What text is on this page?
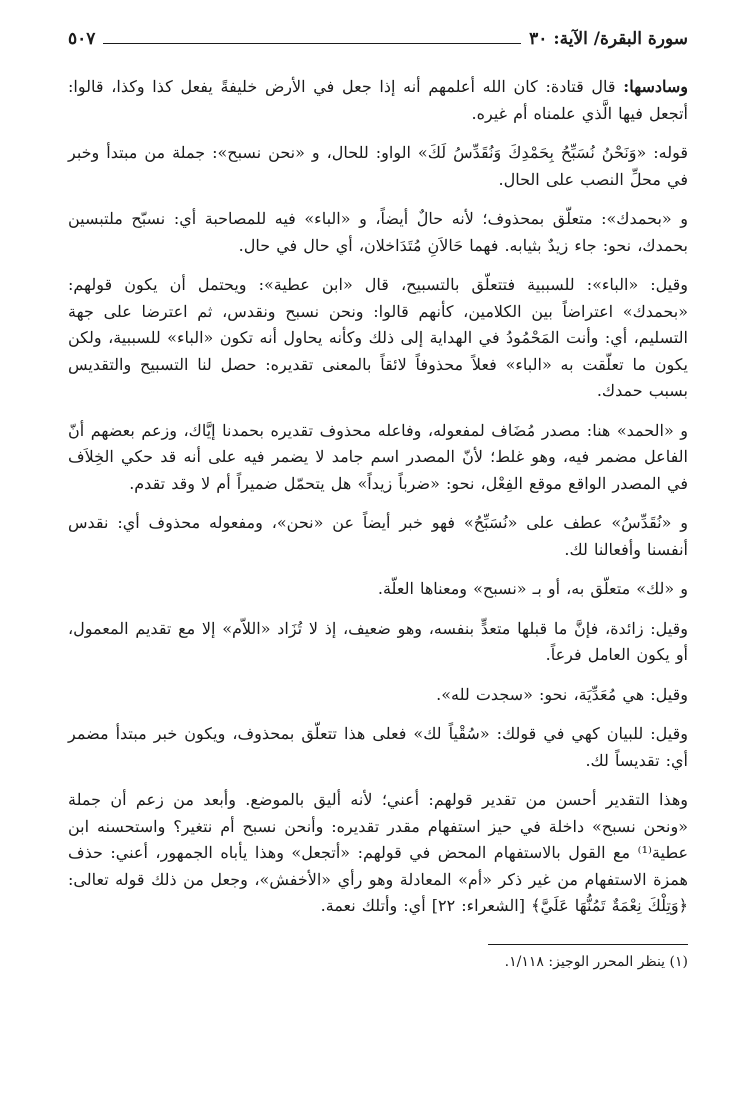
سورة البقرة/ الآية: ٣٠
٥٠٧

وسادسها: قال قتادة: كان الله أعلمهم أنه إذا جعل في الأرض خليفةً يفعل كذا وكذا، قالوا: أتجعل فيها الَّذي علمناه أم غيره.

قوله: «وَنَحْنُ نُسَبِّحُ بِحَمْدِكَ وَنُقَدِّسُ لَكَ» الواو: للحال، و «نحن نسبح»: جملة من مبتدأ وخبر في محلِّ النصب على الحال.

و «بحمدك»: متعلّق بمحذوف؛ لأنه حالٌ أيضاً، و «الباء» فيه للمصاحبة أي: نسبّح ملتبسين بحمدك، نحو: جاء زيدٌ بثيابه. فهما حَالاَنِ مُتَدَاخلان، أي حال في حال.

وقيل: «الباء»: للسببية فتتعلّق بالتسبيح، قال «ابن عطية»: ويحتمل أن يكون قولهم: «بحمدك» اعتراضاً بين الكلامين، كأنهم قالوا: ونحن نسبح ونقدس، ثم اعترضا على جهة التسليم، أي: وأنت المَحْمُودُ في الهداية إلى ذلك وكأنه يحاول أنه تكون «الباء» للسببية، ولكن يكون ما تعلّقت به «الباء» فعلاً محذوفاً لائقاً بالمعنى تقديره: حصل لنا التسبيح والتقديس بسبب حمدك.

و «الحمد» هنا: مصدر مُضَاف لمفعوله، وفاعله محذوف تقديره بحمدنا إيَّاك، وزعم بعضهم أنّ الفاعل مضمر فيه، وهو غلط؛ لأنّ المصدر اسم جامد لا يضمر فيه على أنه قد حكي الخِلاَف في المصدر الواقع موقع الفِعْل، نحو: «ضرباً زيداً» هل يتحمّل ضميراً أم لا وقد تقدم.

و «نُقَدِّسُ» عطف على «نُسَبِّحُ» فهو خبر أيضاً عن «نحن»، ومفعوله محذوف أي: نقدس أنفسنا وأفعالنا لك.

و «لك» متعلّق به، أو بـ «نسبح» ومعناها العلّة.

وقيل: زائدة، فإنَّ ما قبلها متعدٍّ بنفسه، وهو ضعيف، إذ لا تُزَاد «اللاّم» إلا مع تقديم المعمول، أو يكون العامل فرعاً.

وقيل: هي مُعَدِّيَة، نحو: «سجدت لله».

وقيل: للبيان كهي في قولك: «سُقْياً لك» فعلى هذا تتعلّق بمحذوف، ويكون خبر مبتدأ مضمر أي: تقديساً لك.

وهذا التقدير أحسن من تقدير قولهم: أعني؛ لأنه أليق بالموضع. وأبعد من زعم أن جملة «ونحن نسبح» داخلة في حيز استفهام مقدر تقديره: وأنحن نسبح أم نتغير؟ واستحسنه ابن عطية⁽¹⁾ مع القول بالاستفهام المحض في قولهم: «أتجعل» وهذا يأباه الجمهور، أعني: حذف همزة الاستفهام من غير ذكر «أم» المعادلة وهو رأي «الأخفش»، وجعل من ذلك قوله تعالى: ﴿وَتِلْكَ نِعْمَةٌ تَمُنُّهَا عَلَيَّ﴾ [الشعراء: ٢٢] أي: وأتلك نعمة.

(١) ينظر المحرر الوجيز: ١/١١٨.
